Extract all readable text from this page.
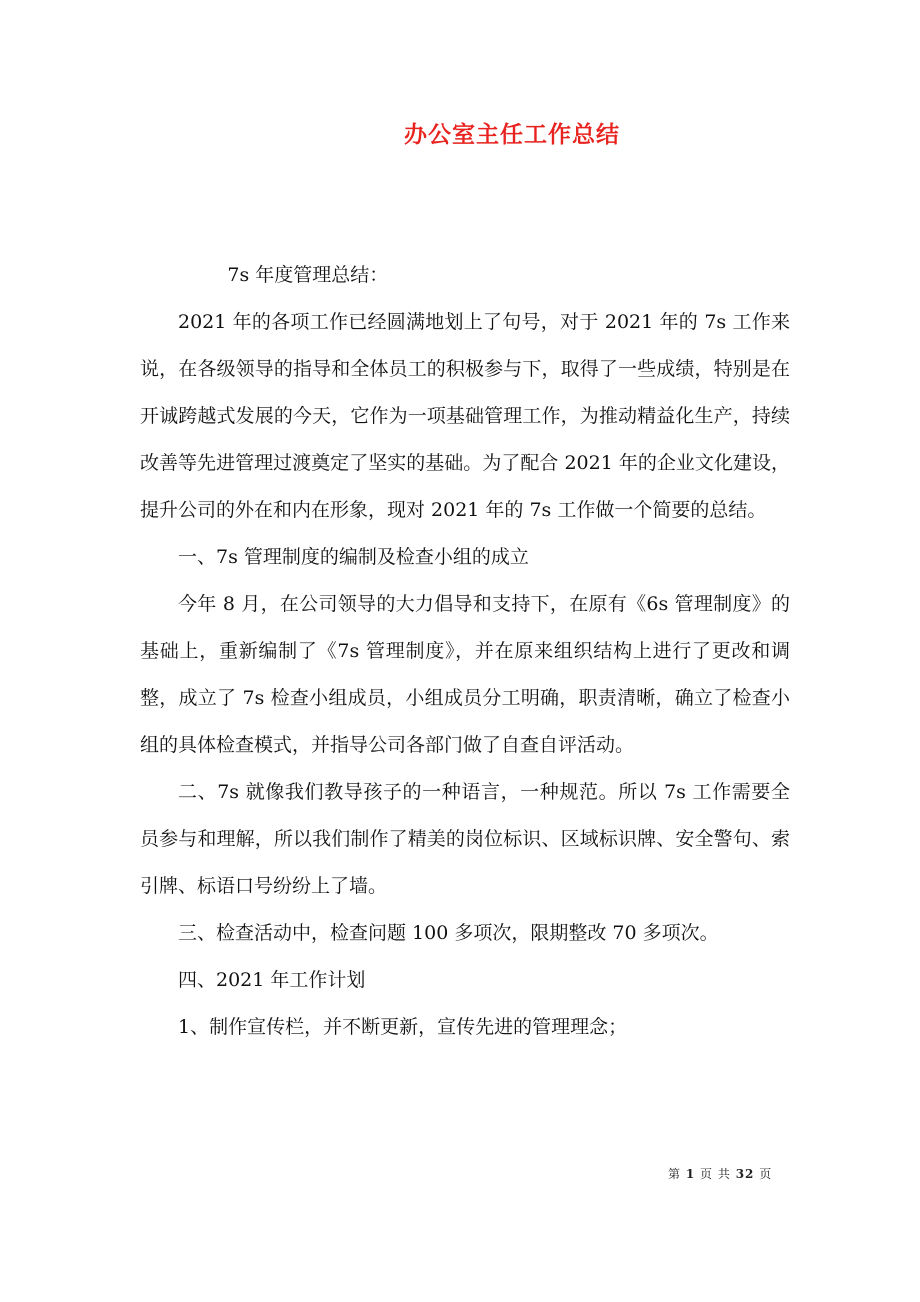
办公室主任工作总结

7s 年度管理总结：

2021 年的各项工作已经圆满地划上了句号，对于 2021 年的 7s 工作来说，在各级领导的指导和全体员工的积极参与下，取得了一些成绩，特别是在开诚跨越式发展的今天，它作为一项基础管理工作，为推动精益化生产，持续改善等先进管理过渡奠定了坚实的基础。为了配合 2021 年的企业文化建设，提升公司的外在和内在形象，现对 2021 年的 7s 工作做一个简要的总结。

一、7s 管理制度的编制及检查小组的成立

今年 8 月，在公司领导的大力倡导和支持下，在原有《6s 管理制度》的基础上，重新编制了《7s 管理制度》，并在原来组织结构上进行了更改和调整，成立了 7s 检查小组成员，小组成员分工明确，职责清晰，确立了检查小组的具体检查模式，并指导公司各部门做了自查自评活动。

二、7s 就像我们教导孩子的一种语言，一种规范。所以 7s 工作需要全员参与和理解，所以我们制作了精美的岗位标识、区域标识牌、安全警句、索引牌、标语口号纷纷上了墙。

三、检查活动中，检查问题 100 多项次，限期整改 70 多项次。

四、2021 年工作计划

1、制作宣传栏，并不断更新，宣传先进的管理理念；

第 1 页 共 32 页
